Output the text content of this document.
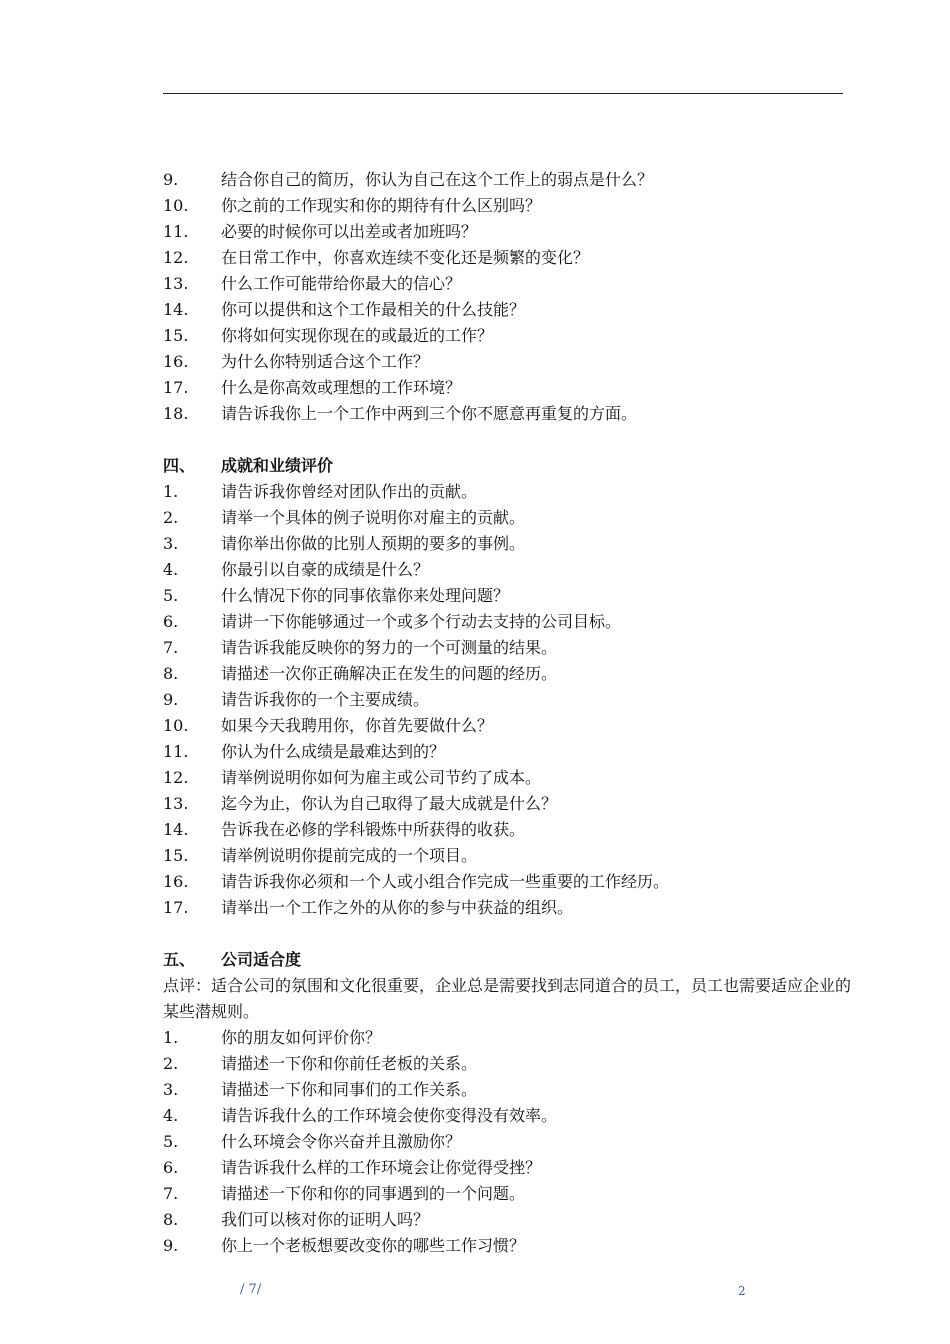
9.	结合你自己的简历，你认为自己在这个工作上的弱点是什么？
10. 你之前的工作现实和你的期待有什么区别吗？
11. 必要的时候你可以出差或者加班吗？
12. 在日常工作中，你喜欢连续不变化还是频繁的变化？
13. 什么工作可能带给你最大的信心？
14. 你可以提供和这个工作最相关的什么技能？
15. 你将如何实现你现在的或最近的工作？
16. 为什么你特别适合这个工作？
17. 什么是你高效或理想的工作环境？
18. 请告诉我你上一个工作中两到三个你不愿意再重复的方面。
四、 成就和业绩评价
1.	请告诉我你曾经对团队作出的贡献。
2.	请举一个具体的例子说明你对雇主的贡献。
3.	请你举出你做的比别人预期的要多的事例。
4.	你最引以自豪的成绩是什么？
5.	什么情况下你的同事依靠你来处理问题？
6.	请讲一下你能够通过一个或多个行动去支持的公司目标。
7.	请告诉我能反映你的努力的一个可测量的结果。
8.	请描述一次你正确解决正在发生的问题的经历。
9.	请告诉我你的一个主要成绩。
10. 如果今天我聘用你，你首先要做什么？
11. 你认为什么成绩是最难达到的？
12. 请举例说明你如何为雇主或公司节约了成本。
13. 迄今为止，你认为自己取得了最大成就是什么？
14. 告诉我在必修的学科锻炼中所获得的收获。
15. 请举例说明你提前完成的一个项目。
16. 请告诉我你必须和一个人或小组合作完成一些重要的工作经历。
17. 请举出一个工作之外的从你的参与中获益的组织。
五、 公司适合度
点评：适合公司的氛围和文化很重要，企业总是需要找到志同道合的员工，员工也需要适应企业的某些潜规则。
1.	你的朋友如何评价你？
2.	请描述一下你和你前任老板的关系。
3.	请描述一下你和同事们的工作关系。
4.	请告诉我什么的工作环境会使你变得没有效率。
5.	什么环境会令你兴奋并且激励你？
6.	请告诉我什么样的工作环境会让你觉得受挫？
7.	请描述一下你和你的同事遇到的一个问题。
8.	我们可以核对你的证明人吗？
9.	你上一个老板想要改变你的哪些工作习惯？
/ 7/	2
